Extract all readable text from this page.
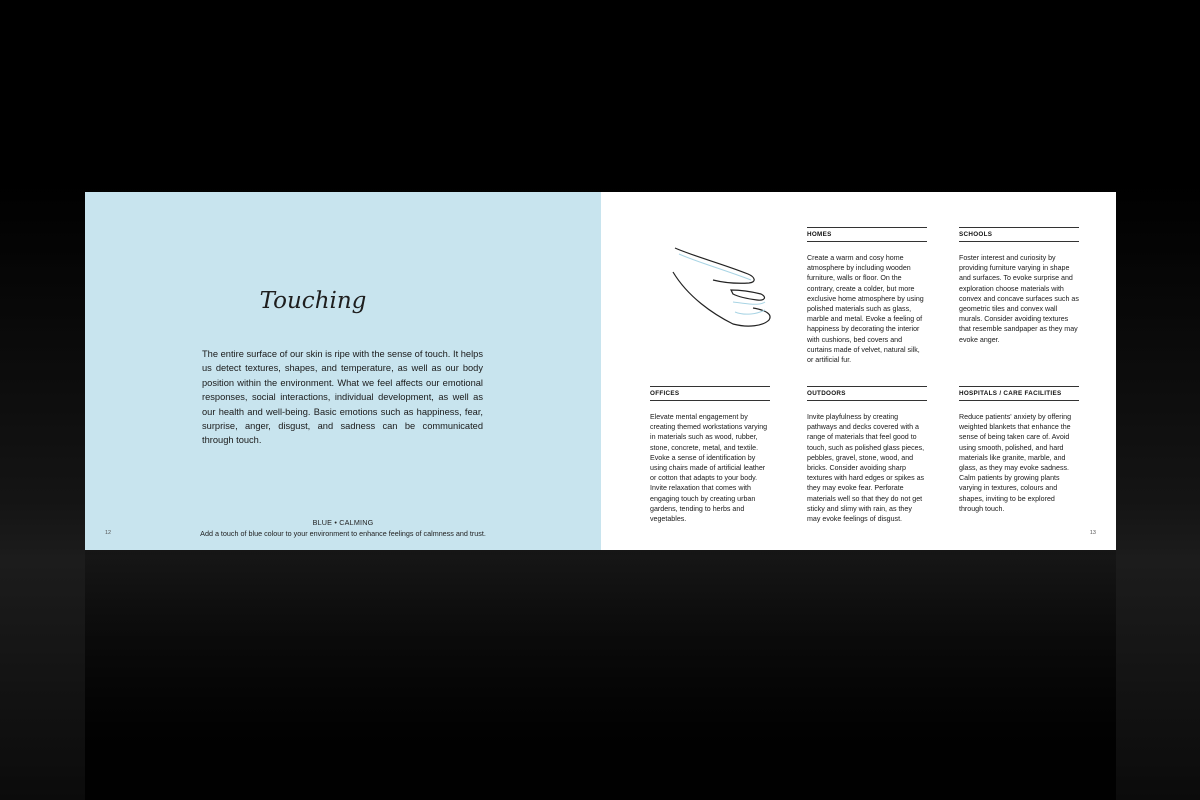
Touching
The entire surface of our skin is ripe with the sense of touch. It helps us detect textures, shapes, and temperature, as well as our body position within the environment. What we feel affects our emotional responses, social interactions, individual development, as well as our health and well-being. Basic emotions such as happiness, fear, surprise, anger, disgust, and sadness can be communicated through touch.
BLUE • CALMING
Add a touch of blue colour to your environment to enhance feelings of calmness and trust.
12
HOMES
Create a warm and cosy home atmosphere by including wooden furniture, walls or floor. On the contrary, create a colder, but more exclusive home atmosphere by using polished materials such as glass, marble and metal. Evoke a feeling of happiness by decorating the interior with cushions, bed covers and curtains made of velvet, natural silk, or artificial fur.
SCHOOLS
Foster interest and curiosity by providing furniture varying in shape and surfaces. To evoke surprise and exploration choose materials with convex and concave surfaces such as geometric tiles and convex wall murals. Consider avoiding textures that resemble sandpaper as they may evoke anger.
OFFICES
Elevate mental engagement by creating themed workstations varying in materials such as wood, rubber, stone, concrete, metal, and textile. Evoke a sense of identification by using chairs made of artificial leather or cotton that adapts to your body. Invite relaxation that comes with engaging touch by creating urban gardens, tending to herbs and vegetables.
OUTDOORS
Invite playfulness by creating pathways and decks covered with a range of materials that feel good to touch, such as polished glass pieces, pebbles, gravel, stone, wood, and bricks. Consider avoiding sharp textures with hard edges or spikes as they may evoke fear. Perforate materials well so that they do not get sticky and slimy with rain, as they may evoke feelings of disgust.
HOSPITALS / CARE FACILITIES
Reduce patients' anxiety by offering weighted blankets that enhance the sense of being taken care of. Avoid using smooth, polished, and hard materials like granite, marble, and glass, as they may evoke sadness. Calm patients by growing plants varying in textures, colours and shapes, inviting to be explored through touch.
13
